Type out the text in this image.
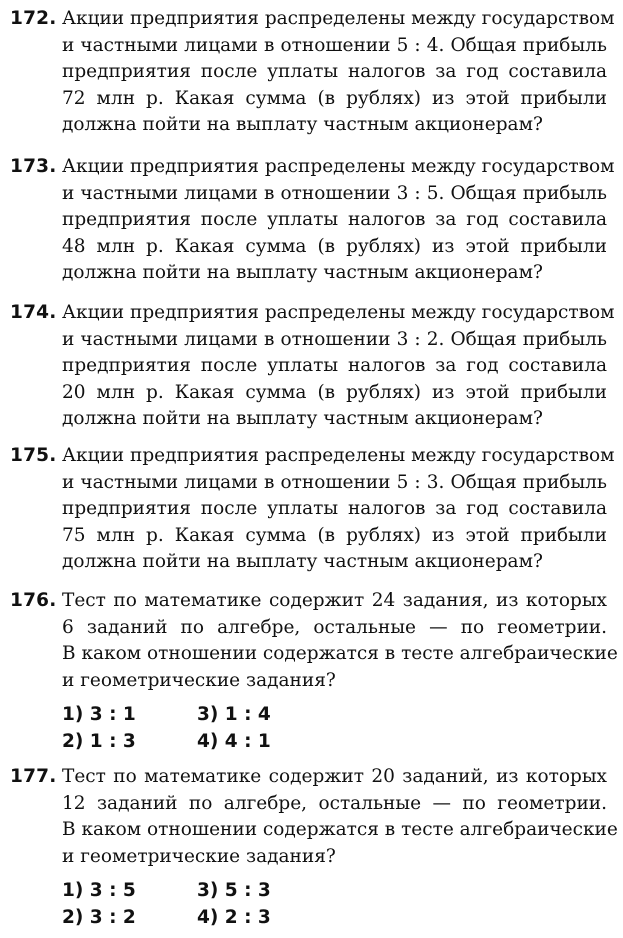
172. Акции предприятия распределены между государством
и частными лицами в отношении 5 : 4. Общая прибыль
предприятия после уплаты налогов за год составила
72 млн р. Какая сумма (в рублях) из этой прибыли
должна пойти на выплату частным акционерам?
173. Акции предприятия распределены между государством
и частными лицами в отношении 3 : 5. Общая прибыль
предприятия после уплаты налогов за год составила
48 млн р. Какая сумма (в рублях) из этой прибыли
должна пойти на выплату частным акционерам?
174. Акции предприятия распределены между государством
и частными лицами в отношении 3 : 2. Общая прибыль
предприятия после уплаты налогов за год составила
20 млн р. Какая сумма (в рублях) из этой прибыли
должна пойти на выплату частным акционерам?
175. Акции предприятия распределены между государством
и частными лицами в отношении 5 : 3. Общая прибыль
предприятия после уплаты налогов за год составила
75 млн р. Какая сумма (в рублях) из этой прибыли
должна пойти на выплату частным акционерам?
176. Тест по математике содержит 24 задания, из которых
6 заданий по алгебре, остальные — по геометрии.
В каком отношении содержатся в тесте алгебраические
и геометрические задания?
1) 3 : 1	3) 1 : 4
2) 1 : 3	4) 4 : 1
177. Тест по математике содержит 20 заданий, из которых
12 заданий по алгебре, остальные — по геометрии.
В каком отношении содержатся в тесте алгебраические
и геометрические задания?
1) 3 : 5	3) 5 : 3
2) 3 : 2	4) 2 : 3
